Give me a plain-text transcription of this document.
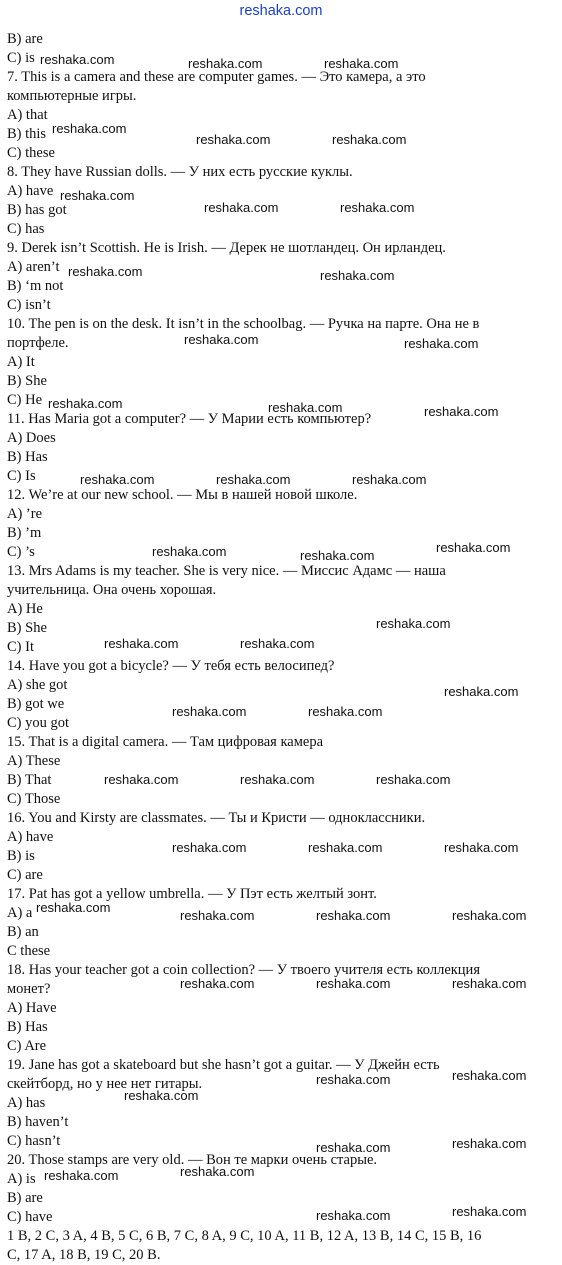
reshaka.com
B) are
C) is
7. This is a camera and these are computer games. — Это камера, а это
компьютерные игры.
A) that
B) this
C) these
8. They have Russian dolls. — У них есть русские куклы.
A) have
B) has got
C) has
9. Derek isn’t Scottish. He is Irish. — Дерек не шотландец. Он ирландец.
A) aren’t
B) ‘m not
C) isn’t
10. The pen is on the desk. It isn’t in the schoolbag. — Ручка на парте. Она не в
портфеле.
A) It
B) She
C) He
11. Has Maria got a computer? — У Марии есть компьютер?
A) Does
B) Has
C) Is
12. We’re at our new school. — Мы в нашей новой школе.
A) ’re
B) ’m
C) ’s
13. Mrs Adams is my teacher. She is very nice. — Миссис Адамс — наша
учительница. Она очень хорошая.
A) He
B) She
C) It
14. Have you got a bicycle? — У тебя есть велосипед?
A) she got
B) got we
C) you got
15. That is a digital camera. — Там цифровая камера
A) These
B) That
C) Those
16. You and Kirsty are classmates. — Ты и Кристи — одноклассники.
A) have
B) is
C) are
17. Pat has got a yellow umbrella. — У Пэт есть желтый зонт.
A) a
B) an
C these
18. Has your teacher got a coin collection? — У твоего учителя есть коллекция
монет?
A) Have
B) Has
C) Are
19. Jane has got a skateboard but she hasn’t got a guitar. — У Джейн есть
скейтборд, но у нее нет гитары.
A) has
B) haven’t
C) hasn’t
20. Those stamps are very old. — Вон те марки очень старые.
A) is
B) are
C) have
1 B, 2 C, 3 A, 4 B, 5 C, 6 B, 7 C, 8 A, 9 C, 10 A, 11 B, 12 A, 13 B, 14 C, 15 B, 16
C, 17 A, 18 B, 19 C, 20 B.
reshaka.com	reshaka.com	reshaka.com
reshaka.com
reshaka.com	reshaka.com
reshaka.com
reshaka.com	reshaka.com
reshaka.com	reshaka.com
reshaka.com	reshaka.com
reshaka.com	reshaka.com	reshaka.com
reshaka.com	reshaka.com	reshaka.com
reshaka.com	reshaka.com
reshaka.com
reshaka.com
reshaka.com	reshaka.com
reshaka.com
reshaka.com	reshaka.com
reshaka.com	reshaka.com	reshaka.com
reshaka.com	reshaka.com	reshaka.com
reshaka.com
reshaka.com	reshaka.com	reshaka.com
reshaka.com	reshaka.com	reshaka.com
reshaka.com	reshaka.com
reshaka.com
reshaka.com	reshaka.com
reshaka.com
reshaka.com
reshaka.com	reshaka.com
